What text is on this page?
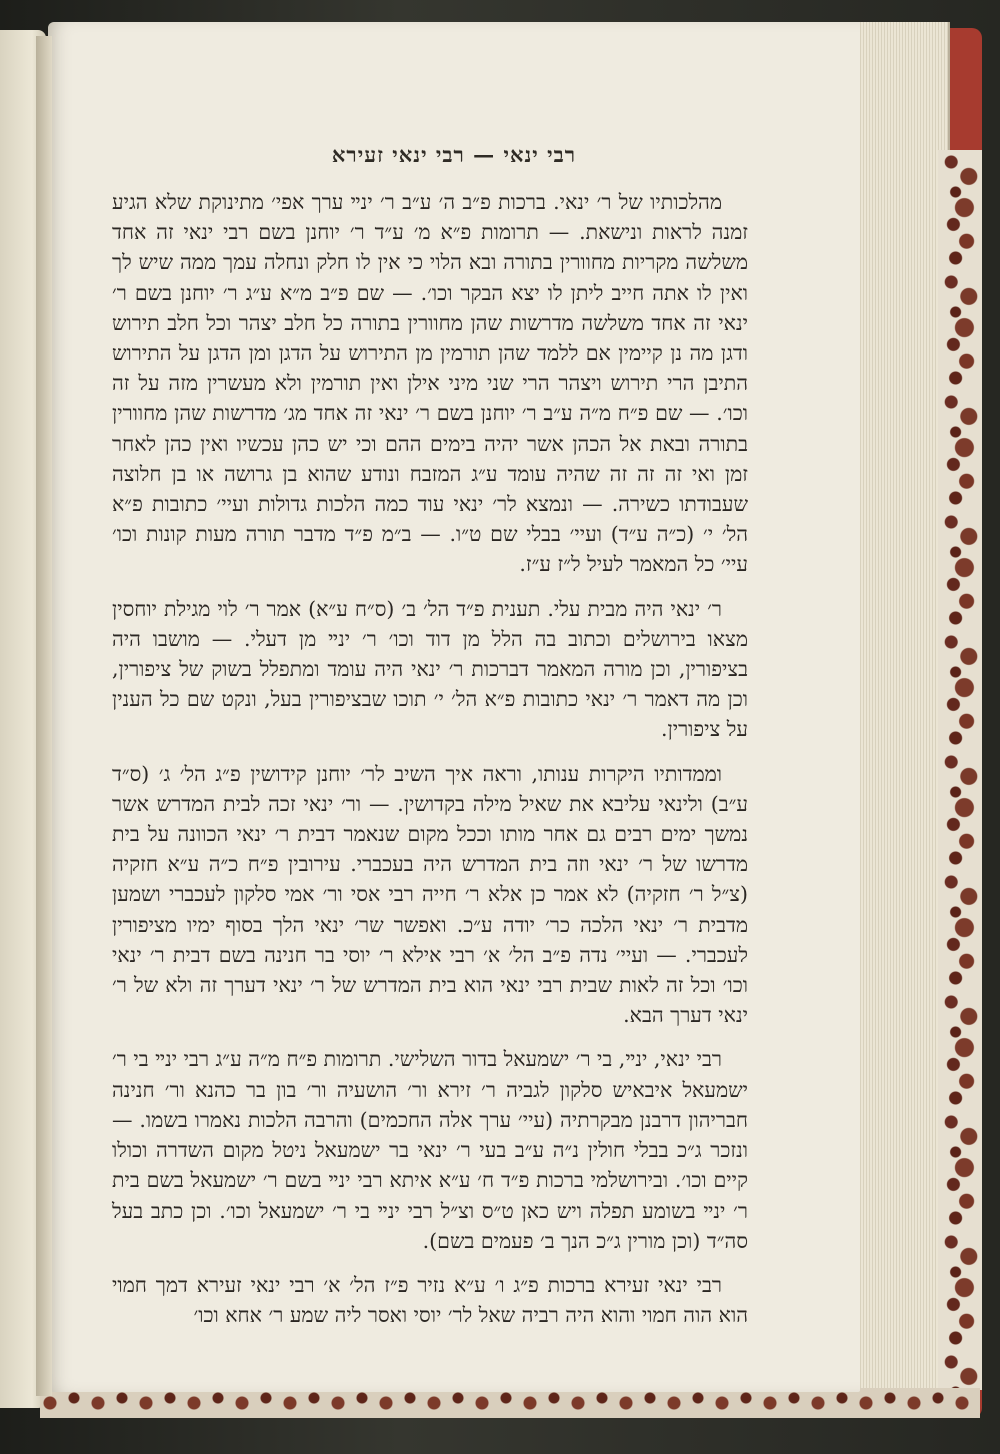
רבי ינאי — רבי ינאי זעירא

מהלכותיו של ר׳ ינאי. ברכות פ״ב ה׳ ע״ב ר׳ ינײ ערך אפי׳ מתינוקת שלא הגיע זמנה לראות ונישאת. — תרומות פ״א מ׳ ע״ד ר׳ יוחנן בשם רבי ינאי זה אחד משלשה מקריות מחוורין בתורה ובא הלוי כי אין לו חלק ונחלה עמך ממה שיש לך ואין לו אתה חייב ליתן לו יצא הבקר וכו׳. — שם פ״ב מ״א ע״ג ר׳ יוחנן בשם ר׳ ינאי זה אחד משלשה מדרשות שהן מחוורין בתורה כל חלב יצהר וכל חלב תירוש ודגן מה נן קיימין אם ללמד שהן תורמין מן התירוש על הדגן ומן הדגן על התירוש התיבן הרי תירוש ויצהר הרי שני מיני אילן ואין תורמין ולא מעשרין מזה על זה וכו׳. — שם פ״ח מ״ה ע״ב ר׳ יוחנן בשם ר׳ ינאי זה אחד מג׳ מדרשות שהן מחוורין בתורה ובאת אל הכהן אשר יהיה בימים ההם וכי יש כהן עכשיו ואין כהן לאחר זמן ואי זה זה זה שהיה עומד ע״ג המזבח ונודע שהוא בן גרושה או בן חלוצה שעבודתו כשירה. — ונמצא לר׳ ינאי עוד כמה הלכות גדולות ועיי׳ כתובות פ״א הל׳ י׳ (כ״ה ע״ד) ועיי׳ בבלי שם ט״ו. — ב״מ פ״ד מדבר תורה מעות קונות וכו׳ עיי׳ כל המאמר לעיל ל״ז ע״ז.

ר׳ ינאי היה מבית עלי. תענית פ״ד הל׳ ב׳ (ס״ח ע״א) אמר ר׳ לוי מגילת יוחסין מצאו בירושלים וכתוב בה הלל מן דוד וכו׳ ר׳ ינײ מן דעלי. — מושבו היה בציפורין, וכן מורה המאמר דברכות ר׳ ינאי היה עומד ומתפלל בשוק של ציפורין, וכן מה דאמר ר׳ ינאי כתובות פ״א הל׳ י׳ תוכו שבציפורין בעל, ונקט שם כל הענין על ציפורין.

וממדותיו היקרות ענותו, וראה איך השיב לר׳ יוחנן קידושין פ״ג הל׳ ג׳ (ס״ד ע״ב) ולינאי עליבא את שאיל מילה בקדושין. — ור׳ ינאי זכה לבית המדרש אשר נמשך ימים רבים גם אחר מותו וככל מקום שנאמר דבית ר׳ ינאי הכוונה על בית מדרשו של ר׳ ינאי וזה בית המדרש היה בעכברי. עירובין פ״ח כ״ה ע״א חזקיה (צ״ל ר׳ חזקיה) לא אמר כן אלא ר׳ חייה רבי אסי ור׳ אמי סלקון לעכברי ושמען מדבית ר׳ ינאי הלכה כר׳ יודה ע״כ. ואפשר שר׳ ינאי הלך בסוף ימיו מציפורין לעכברי. — ועיי׳ נדה פ״ב הל׳ א׳ רבי אילא ר׳ יוסי בר חנינה בשם דבית ר׳ ינאי וכו׳ וכל זה לאות שבית רבי ינאי הוא בית המדרש של ר׳ ינאי דערך זה ולא של ר׳ ינאי דערך הבא.

רבי ינאי, ינײ, בי ר׳ ישמעאל בדור השלישי. תרומות פ״ח מ״ה ע״ג רבי ינײ בי ר׳ ישמעאל איבאיש סלקון לגביה ר׳ זירא ור׳ הושעיה ור׳ בון בר כהנא ור׳ חנינה חבריהון דרבנן מבקרתיה (עיי׳ ערך אלה החכמים) והרבה הלכות נאמרו בשמו. — ונזכר ג״כ בבלי חולין נ״ה ע״ב בעי ר׳ ינאי בר ישמעאל ניטל מקום השדרה וכולו קיים וכו׳. ובירושלמי ברכות פ״ד ח׳ ע״א איתא רבי ינײ בשם ר׳ ישמעאל בשם בית ר׳ ינײ בשומע תפלה ויש כאן ט״ס וצ״ל רבי ינײ בי ר׳ ישמעאל וכו׳. וכן כתב בעל סה״ד (וכן מורין ג״כ הנך ב׳ פעמים בשם).

רבי ינאי זעירא ברכות פ״ג ו׳ ע״א נזיר פ״ז הל׳ א׳ רבי ינאי זעירא דמך חמוי הוא הוה חמוי והוא היה רביה שאל לר׳ יוסי ואסר ליה שמע ר׳ אחא וכו׳
